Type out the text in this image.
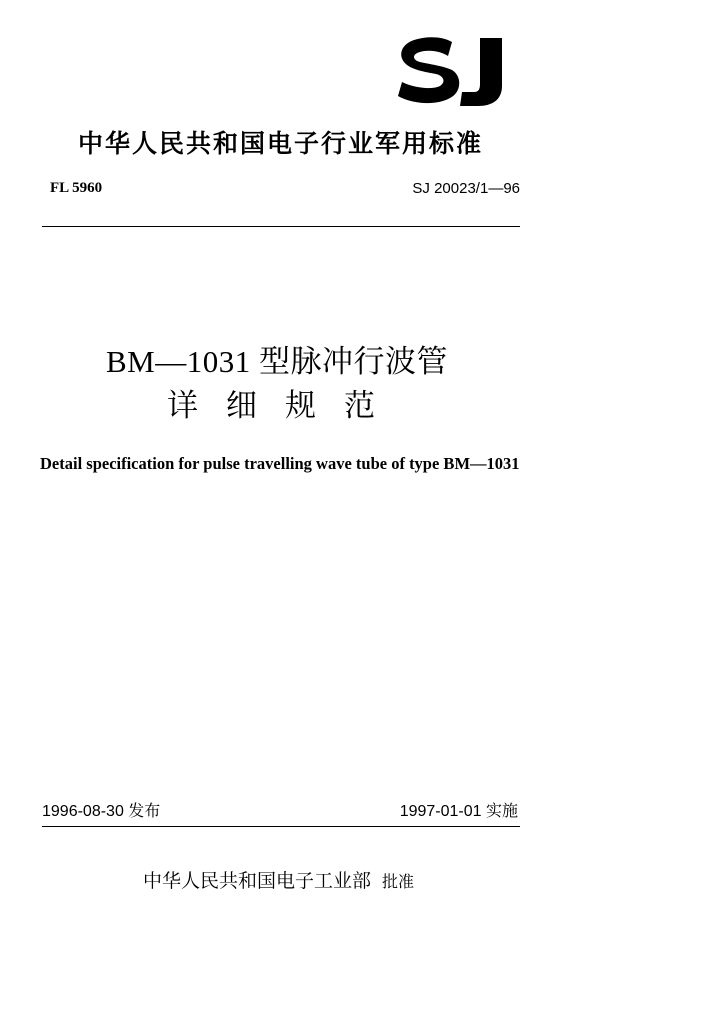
中华人民共和国电子行业军用标准
FL 5960	SJ 20023/1—96
BM—1031 型脉冲行波管
详 细 规 范
Detail specification for pulse travelling wave tube of type BM—1031
1996-08-30 发布	1997-01-01 实施
中华人民共和国电子工业部 批准
